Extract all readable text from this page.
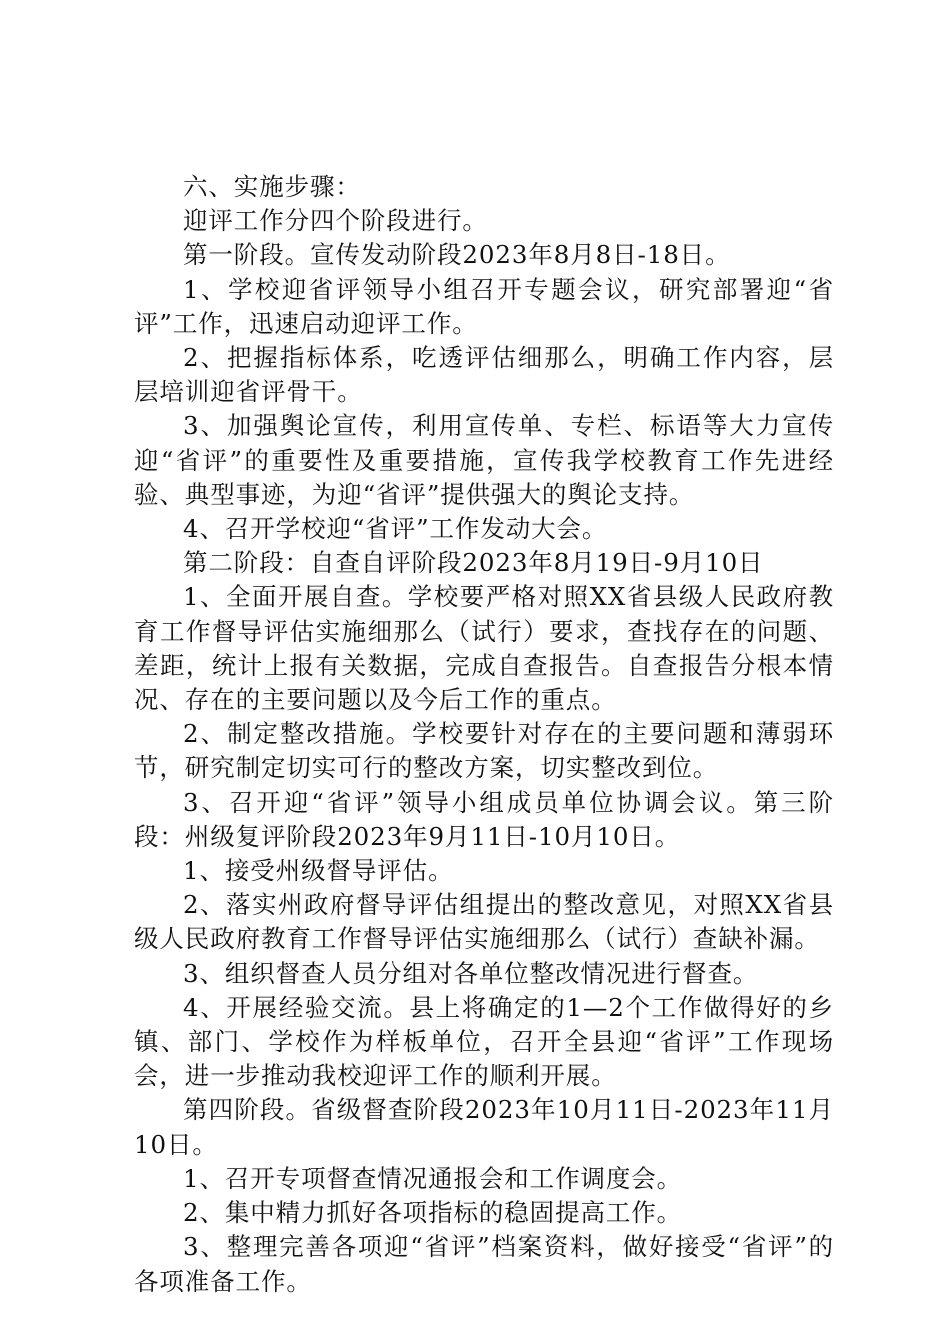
六、实施步骤：

迎评工作分四个阶段进行。

第一阶段。宣传发动阶段2023年8月8日-18日。

1、学校迎省评领导小组召开专题会议，研究部署迎“省评”工作，迅速启动迎评工作。

2、把握指标体系，吃透评估细那么，明确工作内容，层层培训迎省评骨干。

3、加强舆论宣传，利用宣传单、专栏、标语等大力宣传迎“省评”的重要性及重要措施，宣传我学校教育工作先进经验、典型事迹，为迎“省评”提供强大的舆论支持。

4、召开学校迎“省评”工作发动大会。

第二阶段：自查自评阶段2023年8月19日-9月10日

1、全面开展自查。学校要严格对照XX省县级人民政府教育工作督导评估实施细那么（试行）要求，查找存在的问题、差距，统计上报有关数据，完成自查报告。自查报告分根本情况、存在的主要问题以及今后工作的重点。

2、制定整改措施。学校要针对存在的主要问题和薄弱环节，研究制定切实可行的整改方案，切实整改到位。

3、召开迎“省评”领导小组成员单位协调会议。第三阶段：州级复评阶段2023年9月11日-10月10日。

1、接受州级督导评估。

2、落实州政府督导评估组提出的整改意见，对照XX省县级人民政府教育工作督导评估实施细那么（试行）查缺补漏。

3、组织督查人员分组对各单位整改情况进行督查。

4、开展经验交流。县上将确定的1—2个工作做得好的乡镇、部门、学校作为样板单位，召开全县迎“省评”工作现场会，进一步推动我校迎评工作的顺利开展。

第四阶段。省级督查阶段2023年10月11日-2023年11月10日。

1、召开专项督查情况通报会和工作调度会。

2、集中精力抓好各项指标的稳固提高工作。

3、整理完善各项迎“省评”档案资料，做好接受“省评”的各项准备工作。
